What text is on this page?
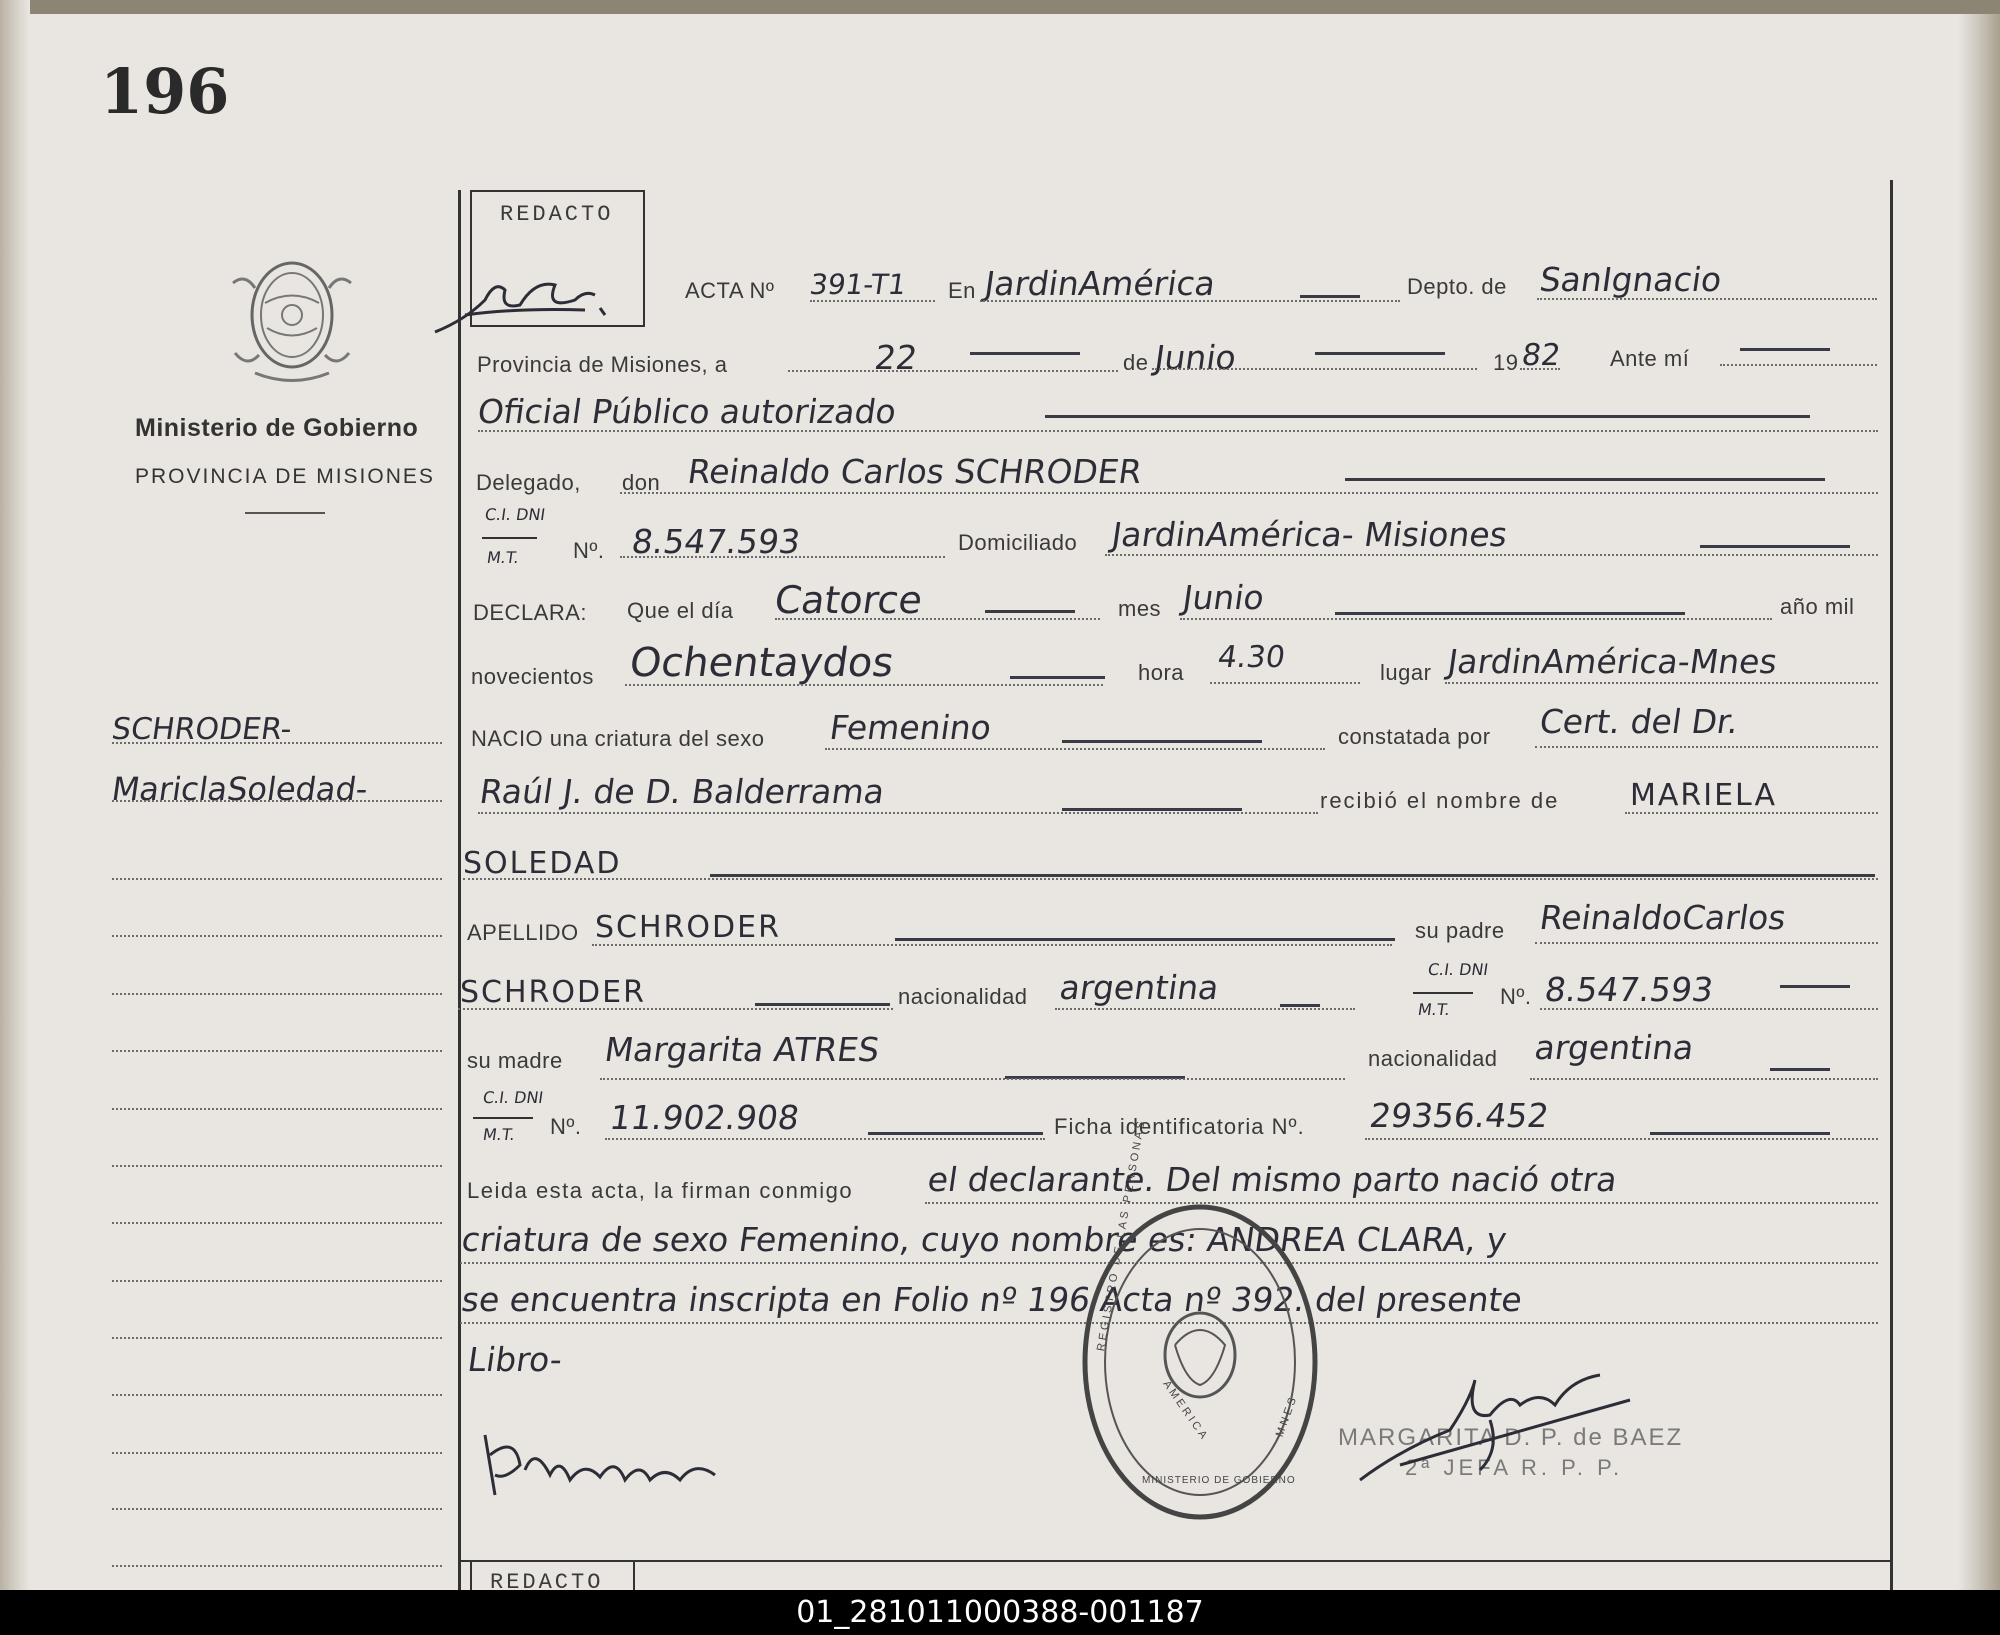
196
Ministerio de Gobierno
PROVINCIA DE MISIONES
SCHRODER-
MariclaSoledad-
REDACTO
ACTA Nº 391-T1 En JardinAmérica	Depto. de SanIgnacio
Provincia de Misiones, a	22	de Junio	19 82 Ante mí
Oficial Público autorizado
Delegado, don Reinaldo Carlos SCHRODER
C.I. DNI
M.T. Nº. 8.547.593	Domiciliado JardinAmérica- Misiones
DECLARA: Que el día Catorce	mes Junio	año mil
novecientos Ochentaydos	hora 4.30	lugar JardinAmérica-Mnes
NACIO una criatura del sexo Femenino	constatada por Cert. del Dr.
Raúl J. de D. Balderrama	recibió el nombre de MARIELA
SOLEDAD
APELLIDO SCHRODER	su padre ReinaldoCarlos
SCHRODER	nacionalidad argentina	C.I. DNI
M.T.
Nº. 8.547.593
su madre Margarita ATRES	nacionalidad argentina
C.I. DNI
M.T. Nº. 11.902.908	Ficha identificatoria Nº. 29356.452
Leida esta acta, la firman conmigo el declarante. Del mismo parto nació otra
criatura de sexo Femenino, cuyo nombre es: ANDREA CLARA, y
se encuentra inscripta en Folio nº 196 Acta nº 392. del presente
Libro-
REGISTRO DE LAS PERSONAS
AMERICA
MINISTERIO DE GOBIERNO
MNES MARGARITA D. P. de BAEZ
2ª JEFA R. P. P.
REDACTO
01_281011000388-001187
